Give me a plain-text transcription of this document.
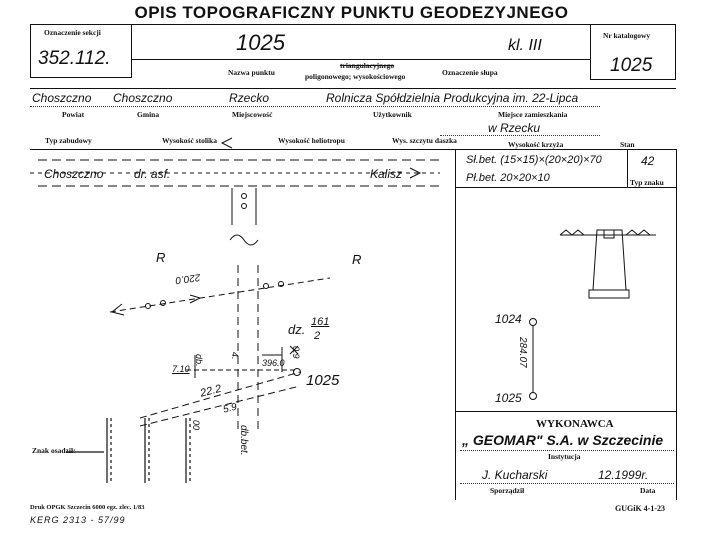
OPIS TOPOGRAFICZNY PUNKTU GEODEZYJNEGO
Oznaczenie sekcji
352.112.
Nr katalogowy
1025
1025	kl. III
Nazwa punktu
triangulacyjnego
poligonowego; wysokościowego	Oznaczenie słupa
Choszczno Choszczno	Rzecko	Rolnicza Spółdzielnia Produkcyjna im. 22-Lipca
Powiat	Gmina	Miejscowość	Użytkownik	Miejsce zamieszkania
w Rzecku
Typ zabudowy	Wysokość stolika	Wysokość heliotropu	Wys. szczytu daszka	Wysokość krzyża	Stan
Sł.bet. (15×15)×(20×20)×70
Pł.bet. 20×20×10
42
Typ znaku
Choszczno	dr. asf.	Kalisz
R	R
220.0
dz. 161
2
1025
7.10
22.2
5.9
4.
396.0
0.9
db.
db.bet.
00
Znak osadził:
1024
1025
284.07
WYKONAWCA
„ GEOMAR" S.A. w Szczecinie
Instytucja
J. Kucharski	12.1999r.
Sporządził	Data
Druk OPGK Szczecin 6000 egz. zlec. 1/83
KERG 2313 - 57/99
GUGiK 4-1-23
